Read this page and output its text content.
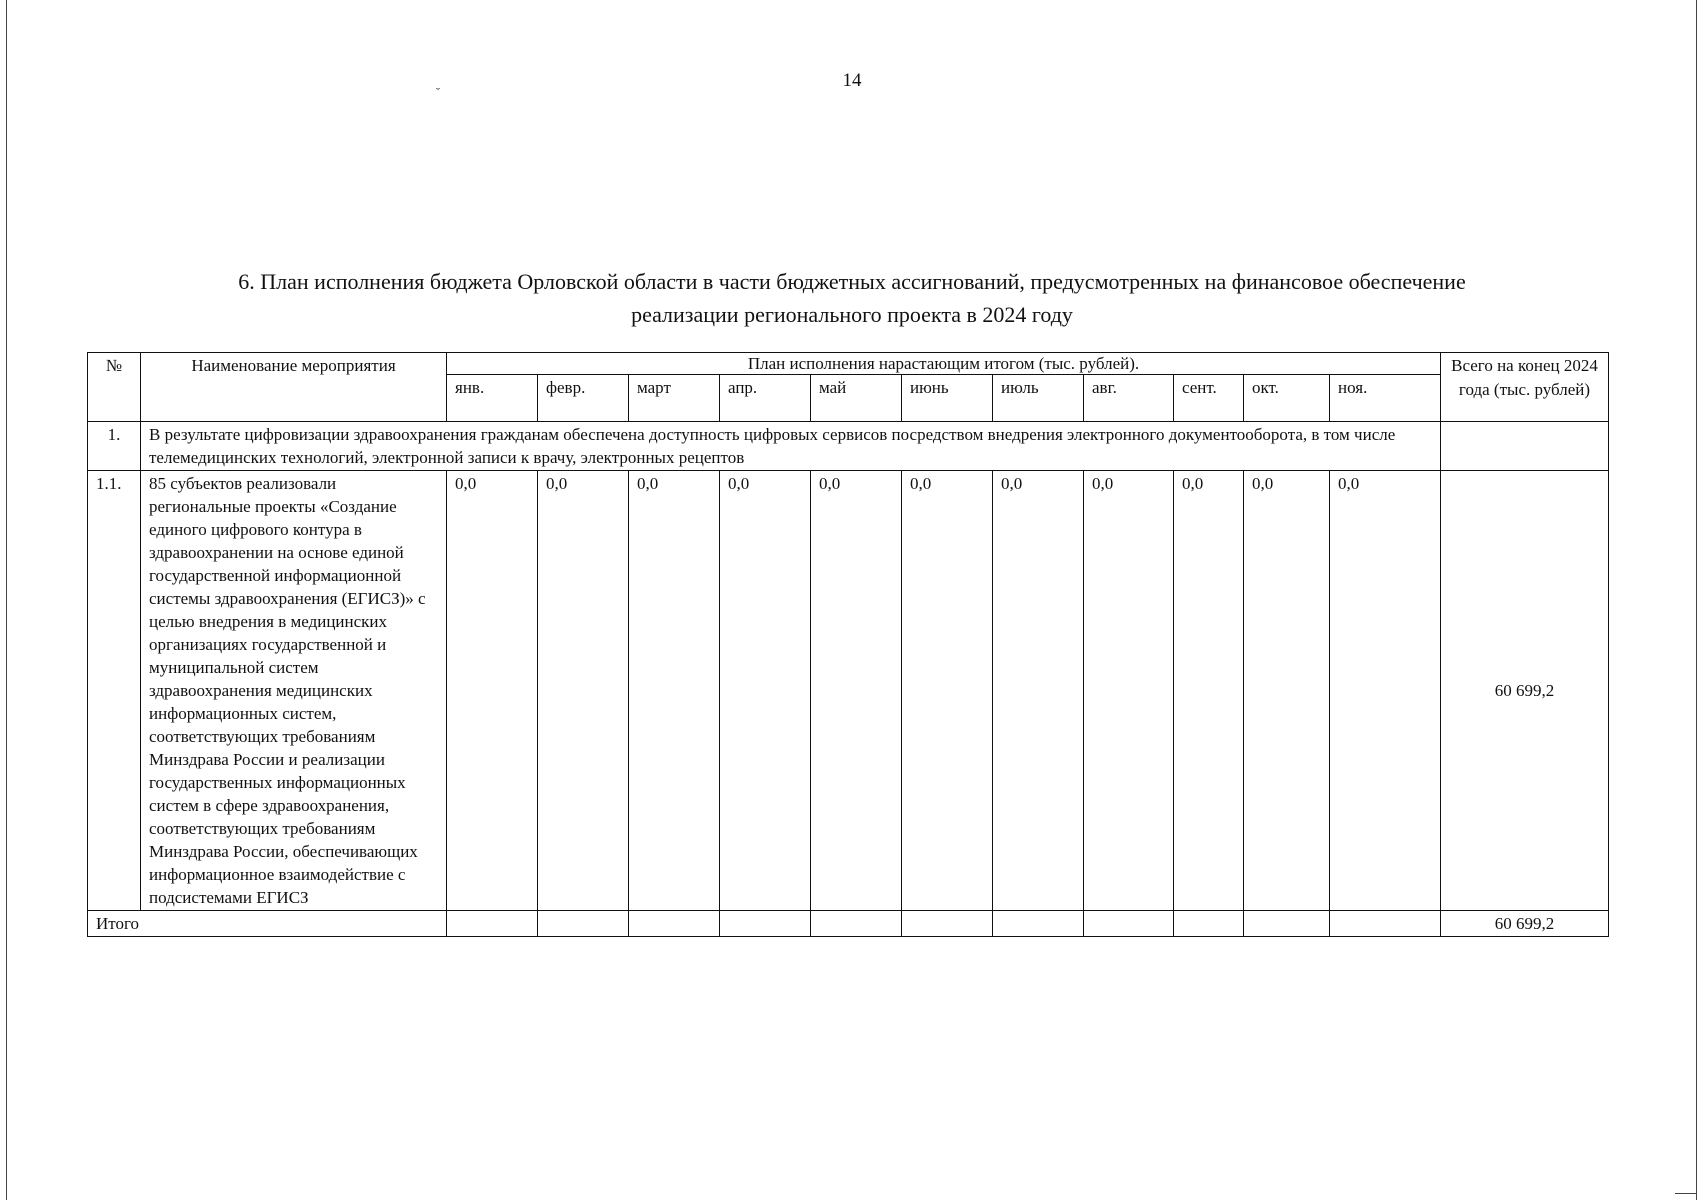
˘
14
6. План исполнения бюджета Орловской области в части бюджетных ассигнований, предусмотренных на финансовое обеспечение
реализации регионального проекта в 2024 году
№	Наименование мероприятия	План исполнения нарастающим итогом (тыс. рублей).											Всего на конец 2024 года (тыс. рублей)
		янв.	февр.	март	апр.	май	июнь	июль	авг.	сент.	окт.	ноя.	
1.	В результате цифровизации здравоохранения гражданам обеспечена доступность цифровых сервисов посредством внедрения электронного документооборота, в том числе телемедицинских технологий, электронной записи к врачу, электронных рецептов												
1.1.	85 субъектов реализовали региональные проекты «Создание единого цифрового контура в здравоохранении на основе единой государственной информационной системы здравоохранения (ЕГИСЗ)» с целью внедрения в медицинских организациях государственной и муниципальной систем здравоохранения медицинских информационных систем, соответствующих требованиям Минздрава России и реализации государственных информационных систем в сфере здравоохранения, соответствующих требованиям Минздрава России, обеспечивающих информационное взаимодействие с подсистемами ЕГИСЗ	0,0	0,0	0,0	0,0	0,0	0,0	0,0	0,0	0,0	0,0	0,0	60 699,2
Итого													60 699,2
